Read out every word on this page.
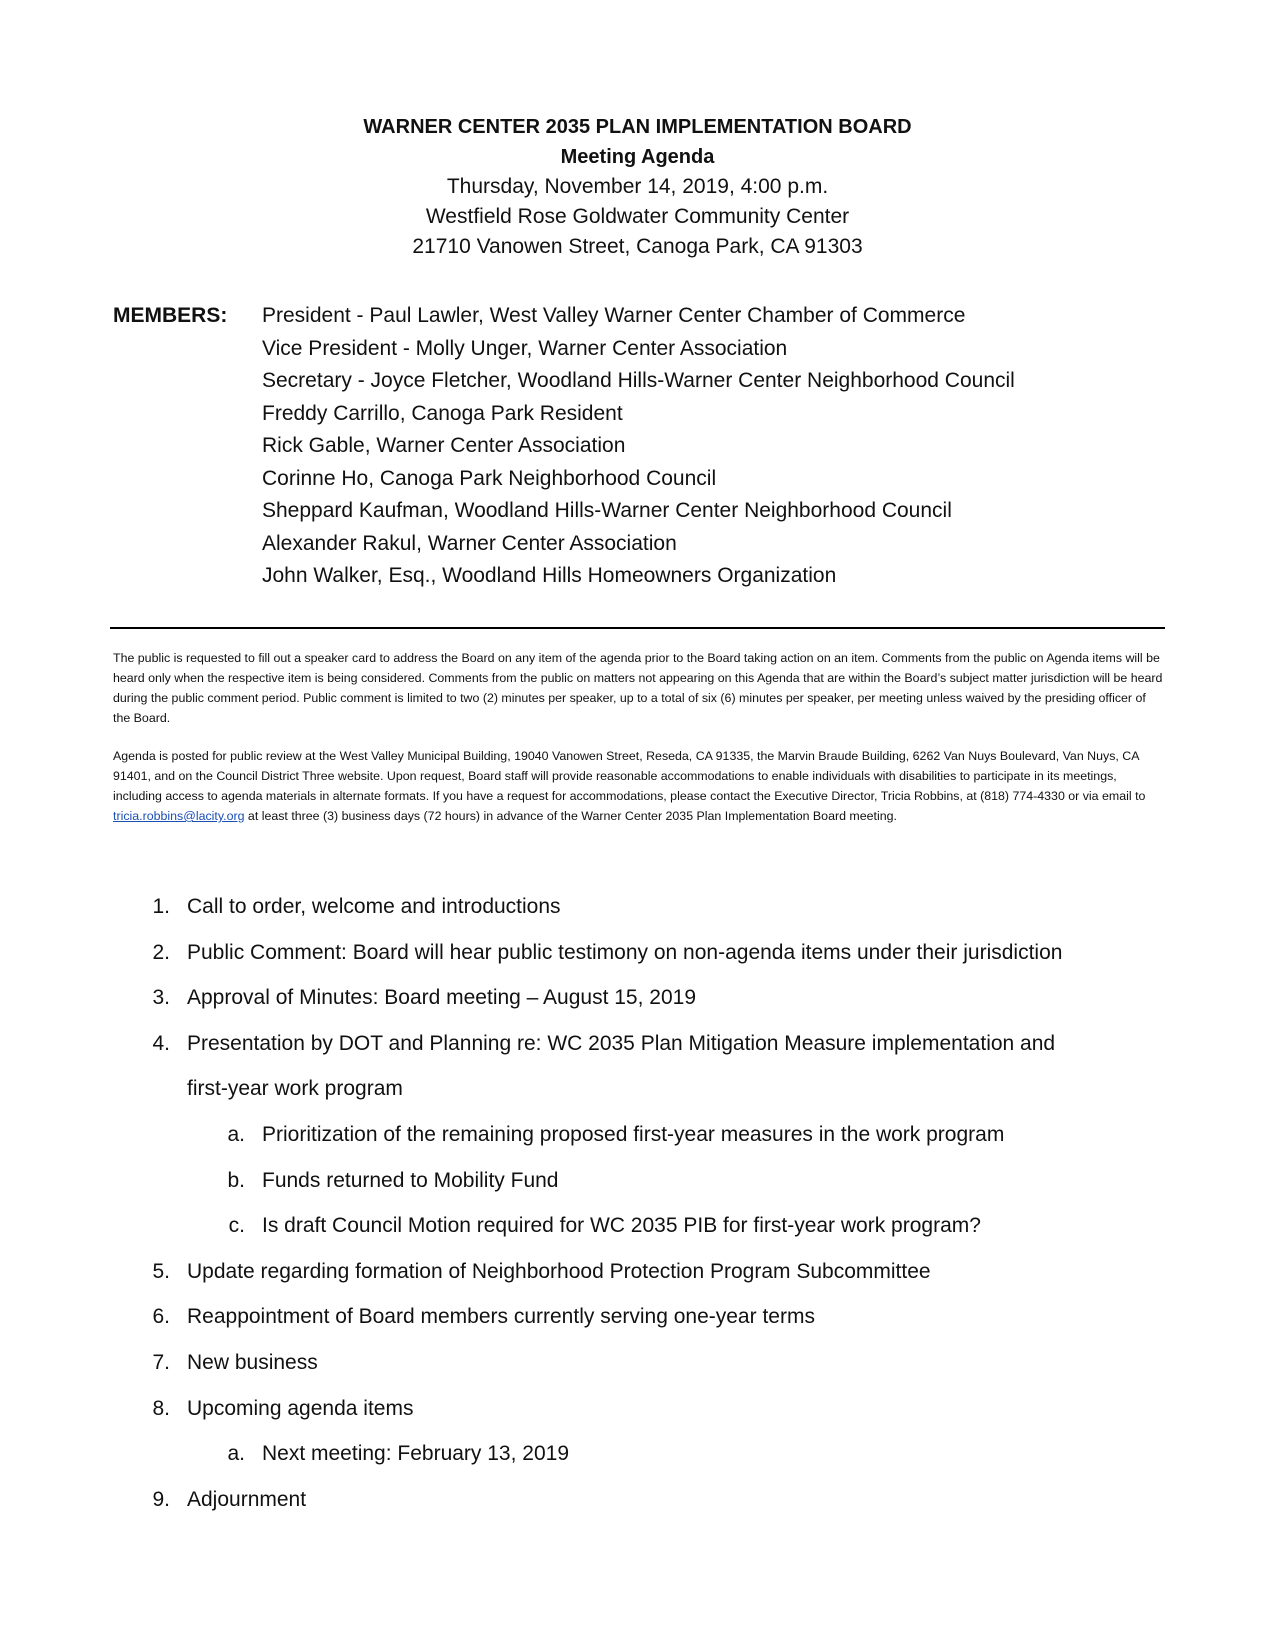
WARNER CENTER 2035 PLAN IMPLEMENTATION BOARD

Meeting Agenda

Thursday, November 14, 2019, 4:00 p.m.

Westfield Rose Goldwater Community Center

21710 Vanowen Street, Canoga Park, CA 91303

MEMBERS: President - Paul Lawler, West Valley Warner Center Chamber of Commerce
Vice President - Molly Unger, Warner Center Association
Secretary - Joyce Fletcher, Woodland Hills-Warner Center Neighborhood Council
Freddy Carrillo, Canoga Park Resident
Rick Gable, Warner Center Association
Corinne Ho, Canoga Park Neighborhood Council
Sheppard Kaufman, Woodland Hills-Warner Center Neighborhood Council
Alexander Rakul, Warner Center Association
John Walker, Esq., Woodland Hills Homeowners Organization

The public is requested to fill out a speaker card to address the Board on any item of the agenda prior to the Board taking action on an item. Comments from the public on Agenda items will be heard only when the respective item is being considered. Comments from the public on matters not appearing on this Agenda that are within the Board’s subject matter jurisdiction will be heard during the public comment period. Public comment is limited to two (2) minutes per speaker, up to a total of six (6) minutes per speaker, per meeting unless waived by the presiding officer of the Board.

Agenda is posted for public review at the West Valley Municipal Building, 19040 Vanowen Street, Reseda, CA 91335, the Marvin Braude Building, 6262 Van Nuys Boulevard, Van Nuys, CA 91401, and on the Council District Three website. Upon request, Board staff will provide reasonable accommodations to enable individuals with disabilities to participate in its meetings, including access to agenda materials in alternate formats. If you have a request for accommodations, please contact the Executive Director, Tricia Robbins, at (818) 774-4330 or via email to tricia.robbins@lacity.org at least three (3) business days (72 hours) in advance of the Warner Center 2035 Plan Implementation Board meeting.

1. Call to order, welcome and introductions
2. Public Comment: Board will hear public testimony on non-agenda items under their jurisdiction
3. Approval of Minutes: Board meeting – August 15, 2019
4. Presentation by DOT and Planning re: WC 2035 Plan Mitigation Measure implementation and
first-year work program
a. Prioritization of the remaining proposed first-year measures in the work program
b. Funds returned to Mobility Fund
c. Is draft Council Motion required for WC 2035 PIB for first-year work program?
5. Update regarding formation of Neighborhood Protection Program Subcommittee
6. Reappointment of Board members currently serving one-year terms
7. New business
8. Upcoming agenda items
a. Next meeting: February 13, 2019
9. Adjournment
